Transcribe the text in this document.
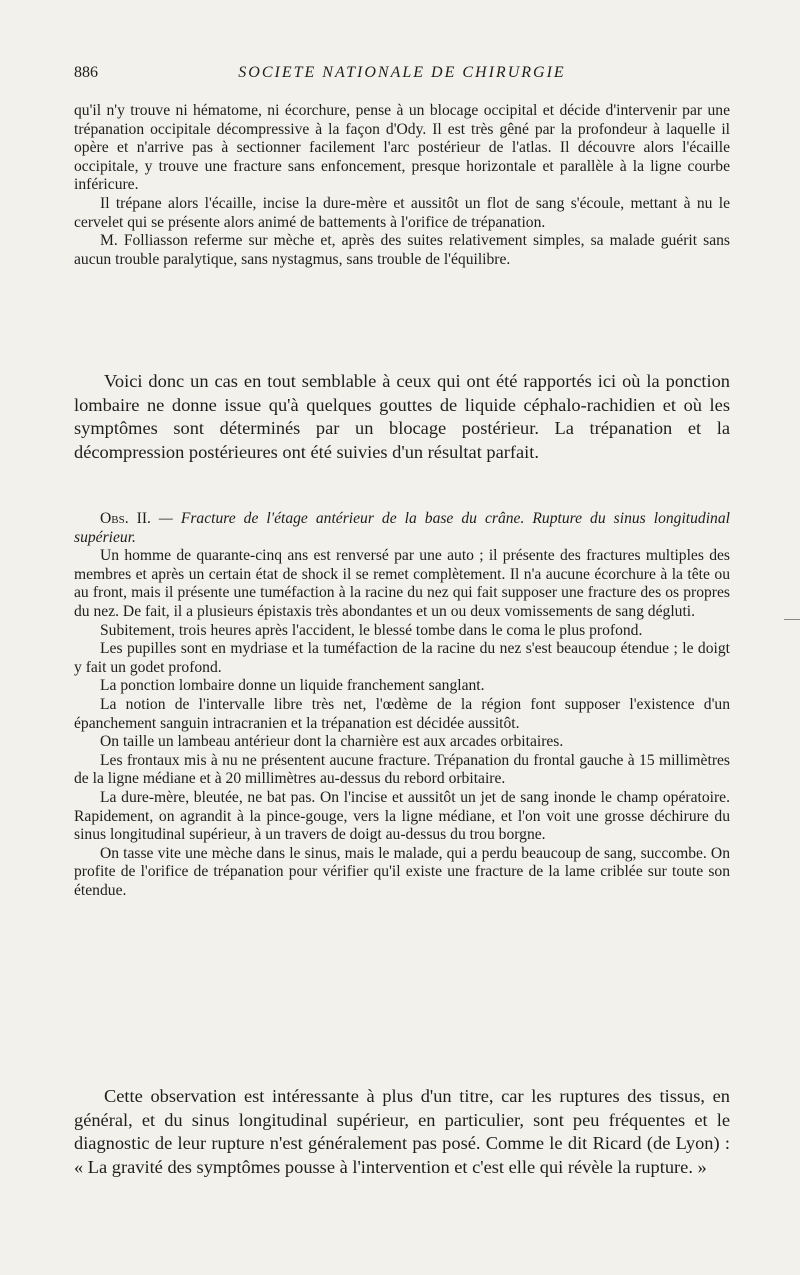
886	SOCIETE NATIONALE DE CHIRURGIE

qu'il n'y trouve ni hématome, ni écorchure, pense à un blocage occipital et décide d'intervenir par une trépanation occipitale décompressive à la façon d'Ody. Il est très gêné par la profondeur à laquelle il opère et n'arrive pas à sectionner facilement l'arc postérieur de l'atlas. Il découvre alors l'écaille occipitale, y trouve une fracture sans enfoncement, presque horizontale et parallèle à la ligne courbe inféricure.

Il trépane alors l'écaille, incise la dure-mère et aussitôt un flot de sang s'écoule, mettant à nu le cervelet qui se présente alors animé de battements à l'orifice de trépanation.

M. Folliasson referme sur mèche et, après des suites relativement simples, sa malade guérit sans aucun trouble paralytique, sans nystagmus, sans trouble de l'équilibre.

Voici donc un cas en tout semblable à ceux qui ont été rapportés ici où la ponction lombaire ne donne issue qu'à quelques gouttes de liquide céphalo-rachidien et où les symptômes sont déterminés par un blocage postérieur. La trépanation et la décompression postérieures ont été suivies d'un résultat parfait.

Obs. II. — Fracture de l'étage antérieur de la base du crâne. Rupture du sinus longitudinal supérieur.

Un homme de quarante-cinq ans est renversé par une auto ; il présente des fractures multiples des membres et après un certain état de shock il se remet complètement. Il n'a aucune écorchure à la tête ou au front, mais il présente une tuméfaction à la racine du nez qui fait supposer une fracture des os propres du nez. De fait, il a plusieurs épistaxis très abondantes et un ou deux vomissements de sang dégluti.

Subitement, trois heures après l'accident, le blessé tombe dans le coma le plus profond.

Les pupilles sont en mydriase et la tuméfaction de la racine du nez s'est beaucoup étendue ; le doigt y fait un godet profond.

La ponction lombaire donne un liquide franchement sanglant.

La notion de l'intervalle libre très net, l'œdème de la région font supposer l'existence d'un épanchement sanguin intracranien et la trépanation est décidée aussitôt.

On taille un lambeau antérieur dont la charnière est aux arcades orbitaires.

Les frontaux mis à nu ne présentent aucune fracture. Trépanation du frontal gauche à 15 millimètres de la ligne médiane et à 20 millimètres au-dessus du rebord orbitaire.

La dure-mère, bleutée, ne bat pas. On l'incise et aussitôt un jet de sang inonde le champ opératoire. Rapidement, on agrandit à la pince-gouge, vers la ligne médiane, et l'on voit une grosse déchirure du sinus longitudinal supérieur, à un travers de doigt au-dessus du trou borgne.

On tasse vite une mèche dans le sinus, mais le malade, qui a perdu beaucoup de sang, succombe. On profite de l'orifice de trépanation pour vérifier qu'il existe une fracture de la lame criblée sur toute son étendue.

Cette observation est intéressante à plus d'un titre, car les ruptures des tissus, en général, et du sinus longitudinal supérieur, en particulier, sont peu fréquentes et le diagnostic de leur rupture n'est généralement pas posé. Comme le dit Ricard (de Lyon) : « La gravité des symptômes pousse à l'intervention et c'est elle qui révèle la rupture. »
